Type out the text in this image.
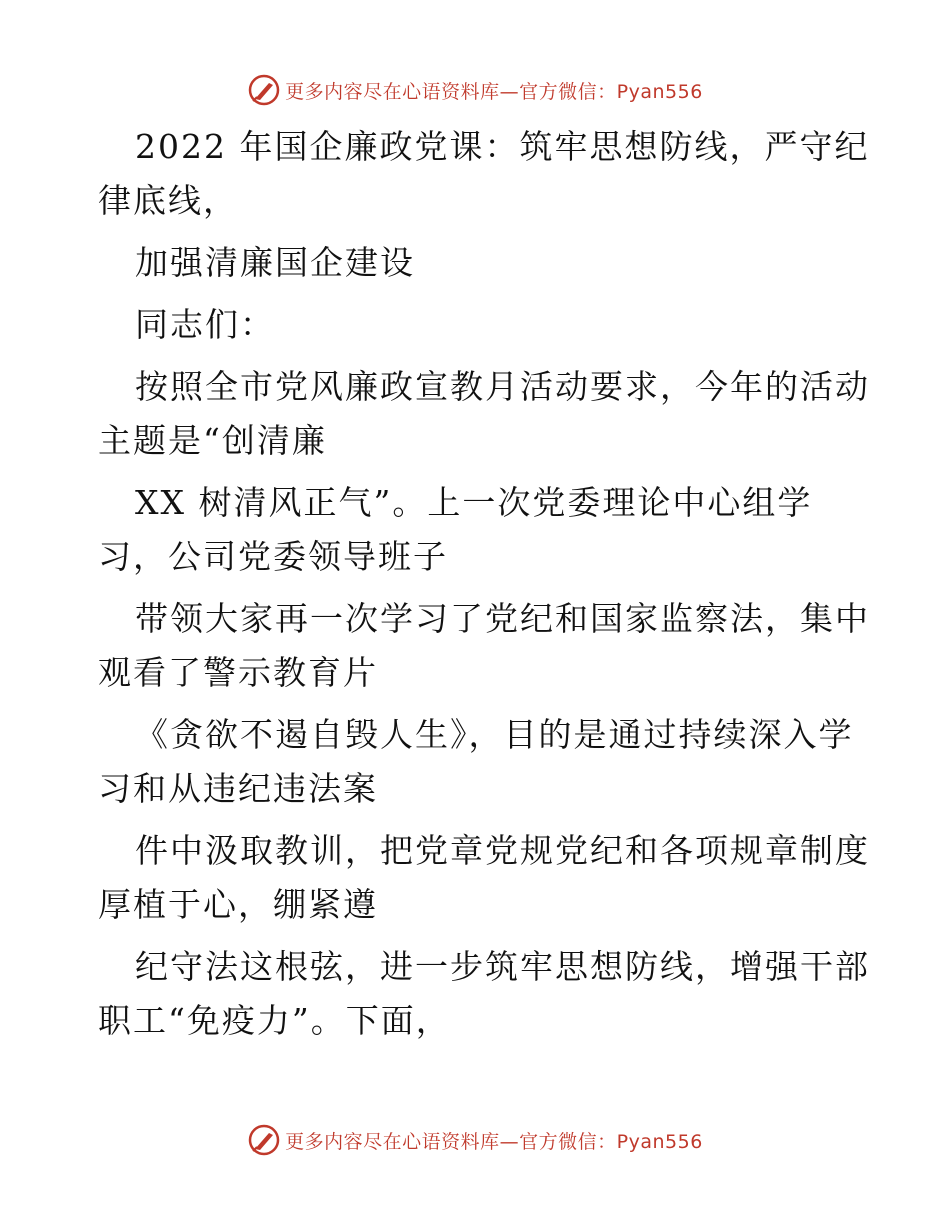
更多内容尽在心语资料库 —官方微信：Pyan556
2022 年国企廉政党课：筑牢思想防线，严守纪
律底线，
加强清廉国企建设
同志们：
按照全市党风廉政宣教月活动要求，今年的活动
主题是“创清廉
XX 树清风正气”。上一次党委理论中心组学
习，公司党委领导班子
带领大家再一次学习了党纪和国家监察法，集中
观看了警示教育片
《贪欲不遏自毁人生》，目的是通过持续深入学
习和从违纪违法案
件中汲取教训，把党章党规党纪和各项规章制度
厚植于心，绷紧遵
纪守法这根弦，进一步筑牢思想防线，增强干部
职工“免疫力”。下面，
更多内容尽在心语资料库 —官方微信：Pyan556
